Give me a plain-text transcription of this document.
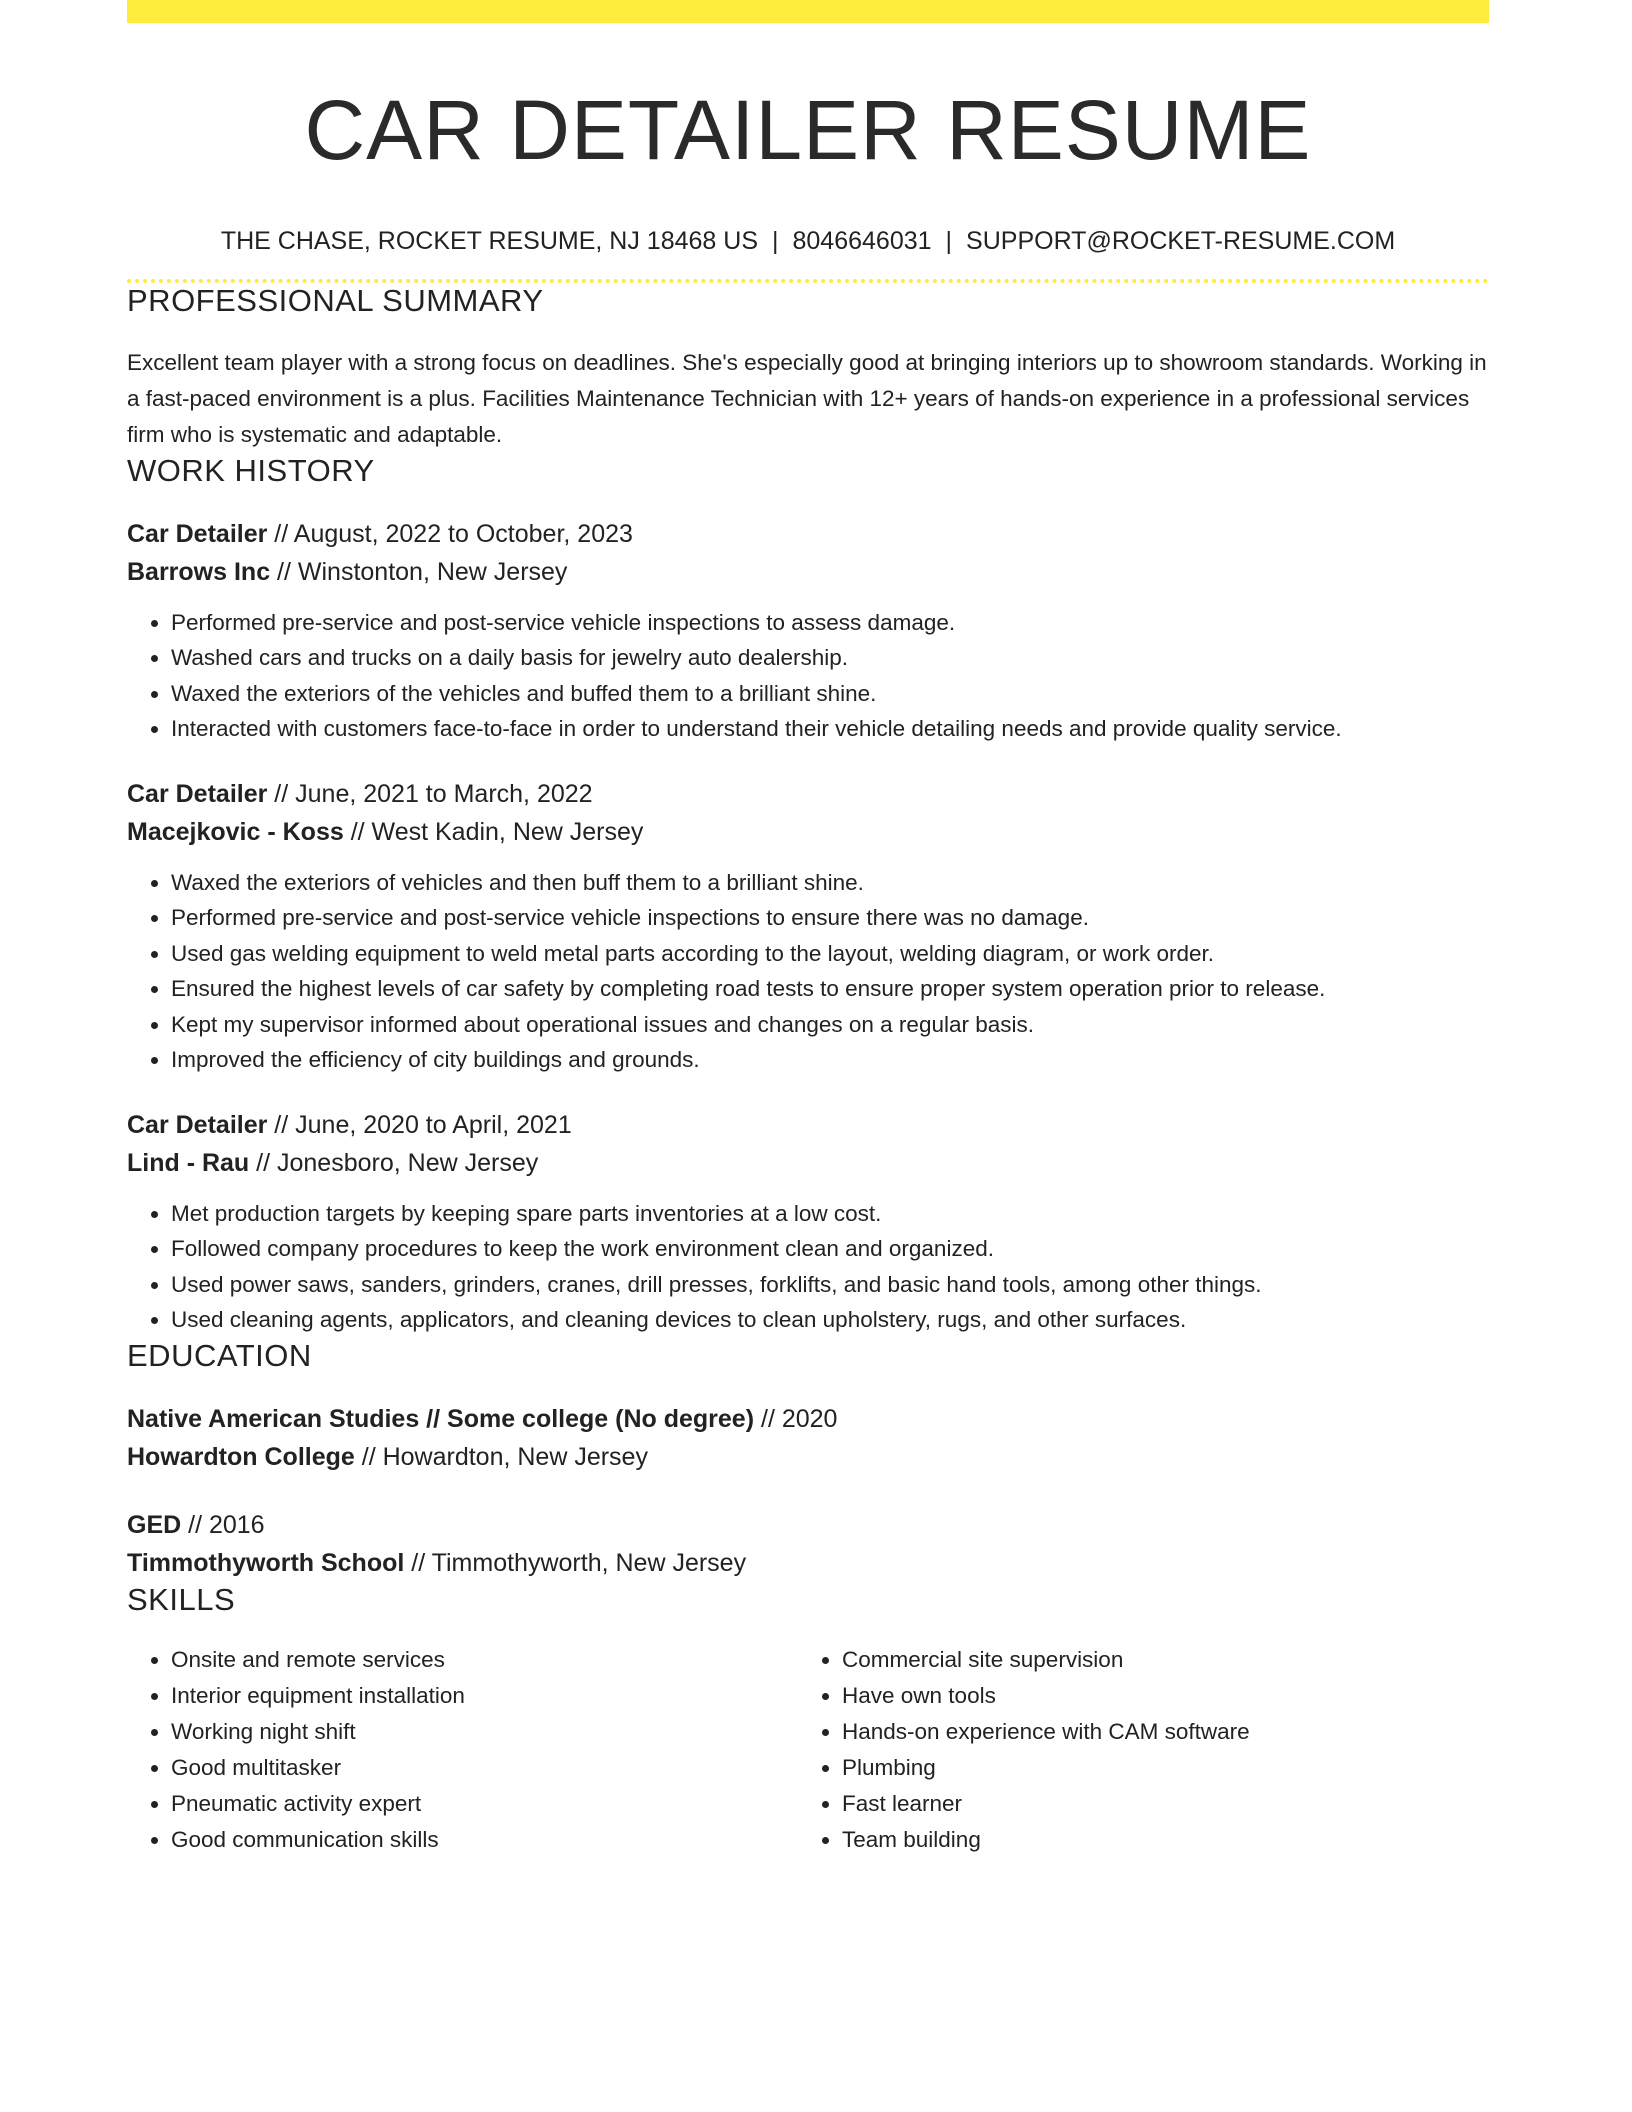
CAR DETAILER RESUME
THE CHASE, ROCKET RESUME, NJ 18468 US | 8046646031 | SUPPORT@ROCKET-RESUME.COM
PROFESSIONAL SUMMARY

Excellent team player with a strong focus on deadlines. She's especially good at bringing interiors up to showroom standards. Working in a fast-paced environment is a plus. Facilities Maintenance Technician with 12+ years of hands-on experience in a professional services firm who is systematic and adaptable.

WORK HISTORY
Car Detailer // August, 2022 to October, 2023
Barrows Inc // Winstonton, New Jersey
• Performed pre-service and post-service vehicle inspections to assess damage.
• Washed cars and trucks on a daily basis for jewelry auto dealership.
• Waxed the exteriors of the vehicles and buffed them to a brilliant shine.
• Interacted with customers face-to-face in order to understand their vehicle detailing needs and provide quality service.
Car Detailer // June, 2021 to March, 2022
Macejkovic - Koss // West Kadin, New Jersey
• Waxed the exteriors of vehicles and then buff them to a brilliant shine.
• Performed pre-service and post-service vehicle inspections to ensure there was no damage.
• Used gas welding equipment to weld metal parts according to the layout, welding diagram, or work order.
• Ensured the highest levels of car safety by completing road tests to ensure proper system operation prior to release.
• Kept my supervisor informed about operational issues and changes on a regular basis.
• Improved the efficiency of city buildings and grounds.
Car Detailer // June, 2020 to April, 2021
Lind - Rau // Jonesboro, New Jersey
• Met production targets by keeping spare parts inventories at a low cost.
• Followed company procedures to keep the work environment clean and organized.
• Used power saws, sanders, grinders, cranes, drill presses, forklifts, and basic hand tools, among other things.
• Used cleaning agents, applicators, and cleaning devices to clean upholstery, rugs, and other surfaces.
EDUCATION
Native American Studies // Some college (No degree) // 2020
Howardton College // Howardton, New Jersey
GED // 2016
Timmothyworth School // Timmothyworth, New Jersey
SKILLS
• Onsite and remote services
• Interior equipment installation
• Working night shift
• Good multitasker
• Pneumatic activity expert
• Good communication skills
• Commercial site supervision
• Have own tools
• Hands-on experience with CAM software
• Plumbing
• Fast learner
• Team building
